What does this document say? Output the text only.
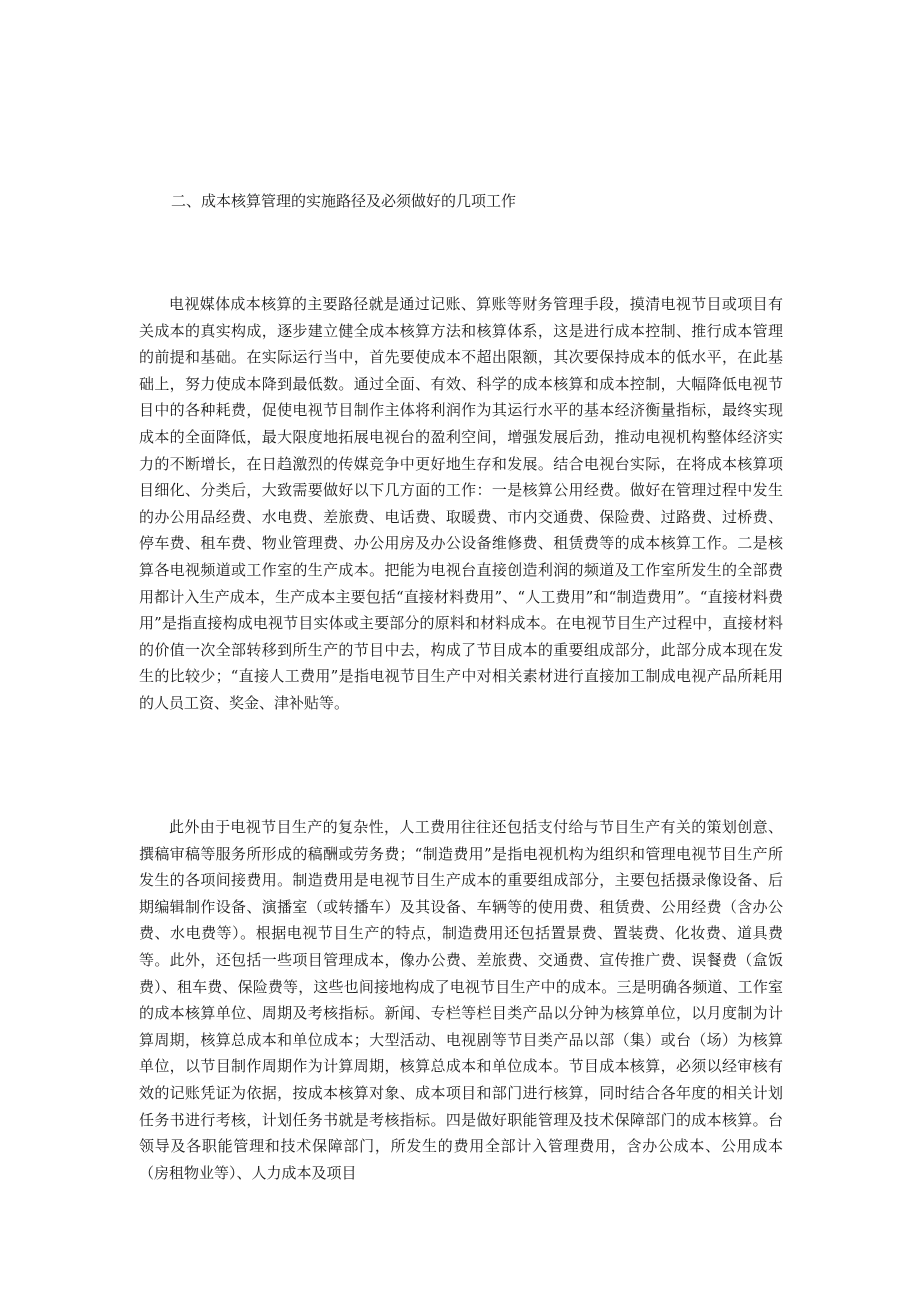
二、成本核算管理的实施路径及必须做好的几项工作

电视媒体成本核算的主要路径就是通过记账、算账等财务管理手段，摸清电视节目或项目有关成本的真实构成，逐步建立健全成本核算方法和核算体系，这是进行成本控制、推行成本管理的前提和基础。在实际运行当中，首先要使成本不超出限额，其次要保持成本的低水平，在此基础上，努力使成本降到最低数。通过全面、有效、科学的成本核算和成本控制，大幅降低电视节目中的各种耗费，促使电视节目制作主体将利润作为其运行水平的基本经济衡量指标，最终实现成本的全面降低，最大限度地拓展电视台的盈利空间，增强发展后劲，推动电视机构整体经济实力的不断增长，在日趋激烈的传媒竞争中更好地生存和发展。结合电视台实际，在将成本核算项目细化、分类后，大致需要做好以下几方面的工作：一是核算公用经费。做好在管理过程中发生的办公用品经费、水电费、差旅费、电话费、取暖费、市内交通费、保险费、过路费、过桥费、停车费、租车费、物业管理费、办公用房及办公设备维修费、租赁费等的成本核算工作。二是核算各电视频道或工作室的生产成本。把能为电视台直接创造利润的频道及工作室所发生的全部费用都计入生产成本，生产成本主要包括“直接材料费用”、“人工费用”和“制造费用”。“直接材料费用”是指直接构成电视节目实体或主要部分的原料和材料成本。在电视节目生产过程中，直接材料的价值一次全部转移到所生产的节目中去，构成了节目成本的重要组成部分，此部分成本现在发生的比较少；“直接人工费用”是指电视节目生产中对相关素材进行直接加工制成电视产品所耗用的人员工资、奖金、津补贴等。

此外由于电视节目生产的复杂性，人工费用往往还包括支付给与节目生产有关的策划创意、撰稿审稿等服务所形成的稿酬或劳务费；“制造费用”是指电视机构为组织和管理电视节目生产所发生的各项间接费用。制造费用是电视节目生产成本的重要组成部分，主要包括摄录像设备、后期编辑制作设备、演播室（或转播车）及其设备、车辆等的使用费、租赁费、公用经费（含办公费、水电费等）。根据电视节目生产的特点，制造费用还包括置景费、置装费、化妆费、道具费等。此外，还包括一些项目管理成本，像办公费、差旅费、交通费、宣传推广费、误餐费（盒饭费）、租车费、保险费等，这些也间接地构成了电视节目生产中的成本。三是明确各频道、工作室的成本核算单位、周期及考核指标。新闻、专栏等栏目类产品以分钟为核算单位，以月度制为计算周期，核算总成本和单位成本；大型活动、电视剧等节目类产品以部（集）或台（场）为核算单位，以节目制作周期作为计算周期，核算总成本和单位成本。节目成本核算，必须以经审核有效的记账凭证为依据，按成本核算对象、成本项目和部门进行核算，同时结合各年度的相关计划任务书进行考核，计划任务书就是考核指标。四是做好职能管理及技术保障部门的成本核算。台领导及各职能管理和技术保障部门，所发生的费用全部计入管理费用，含办公成本、公用成本（房租物业等）、人力成本及项目
